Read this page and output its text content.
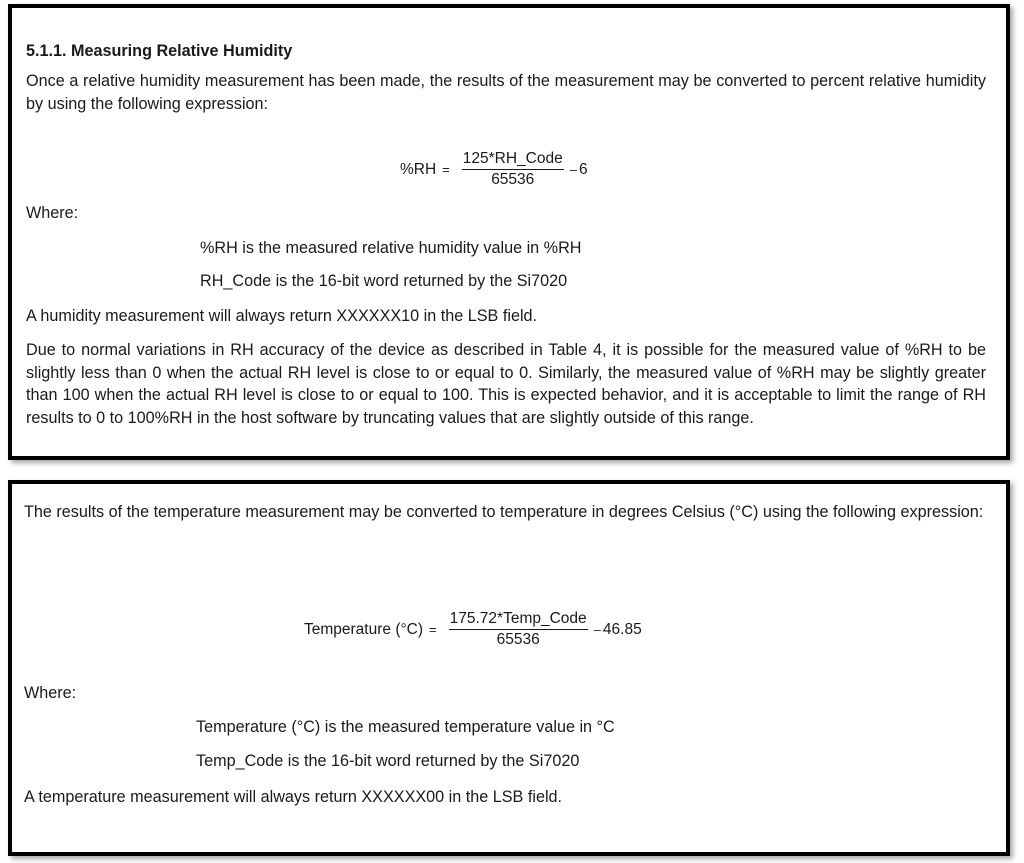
5.1.1. Measuring Relative Humidity

Once a relative humidity measurement has been made, the results of the measurement may be converted to percent relative humidity by using the following expression:

$\%RH = \frac{\text{125*RH\_Code}}{65536} - 6$

Where:

%RH is the measured relative humidity value in %RH

RH_Code is the 16-bit word returned by the Si7020

A humidity measurement will always return XXXXXX10 in the LSB field.

Due to normal variations in RH accuracy of the device as described in Table 4, it is possible for the measured value of %RH to be slightly less than 0 when the actual RH level is close to or equal to 0. Similarly, the measured value of %RH may be slightly greater than 100 when the actual RH level is close to or equal to 100. This is expected behavior, and it is acceptable to limit the range of RH results to 0 to 100%RH in the host software by truncating values that are slightly outside of this range.

The results of the temperature measurement may be converted to temperature in degrees Celsius (°C) using the following expression:

Temperature $(^\circ C) = \frac{\text{175.72*Temp\_Code}}{65536} - 46.85$

Where:

Temperature (°C) is the measured temperature value in °C

Temp_Code is the 16-bit word returned by the Si7020

A temperature measurement will always return XXXXXX00 in the LSB field.
